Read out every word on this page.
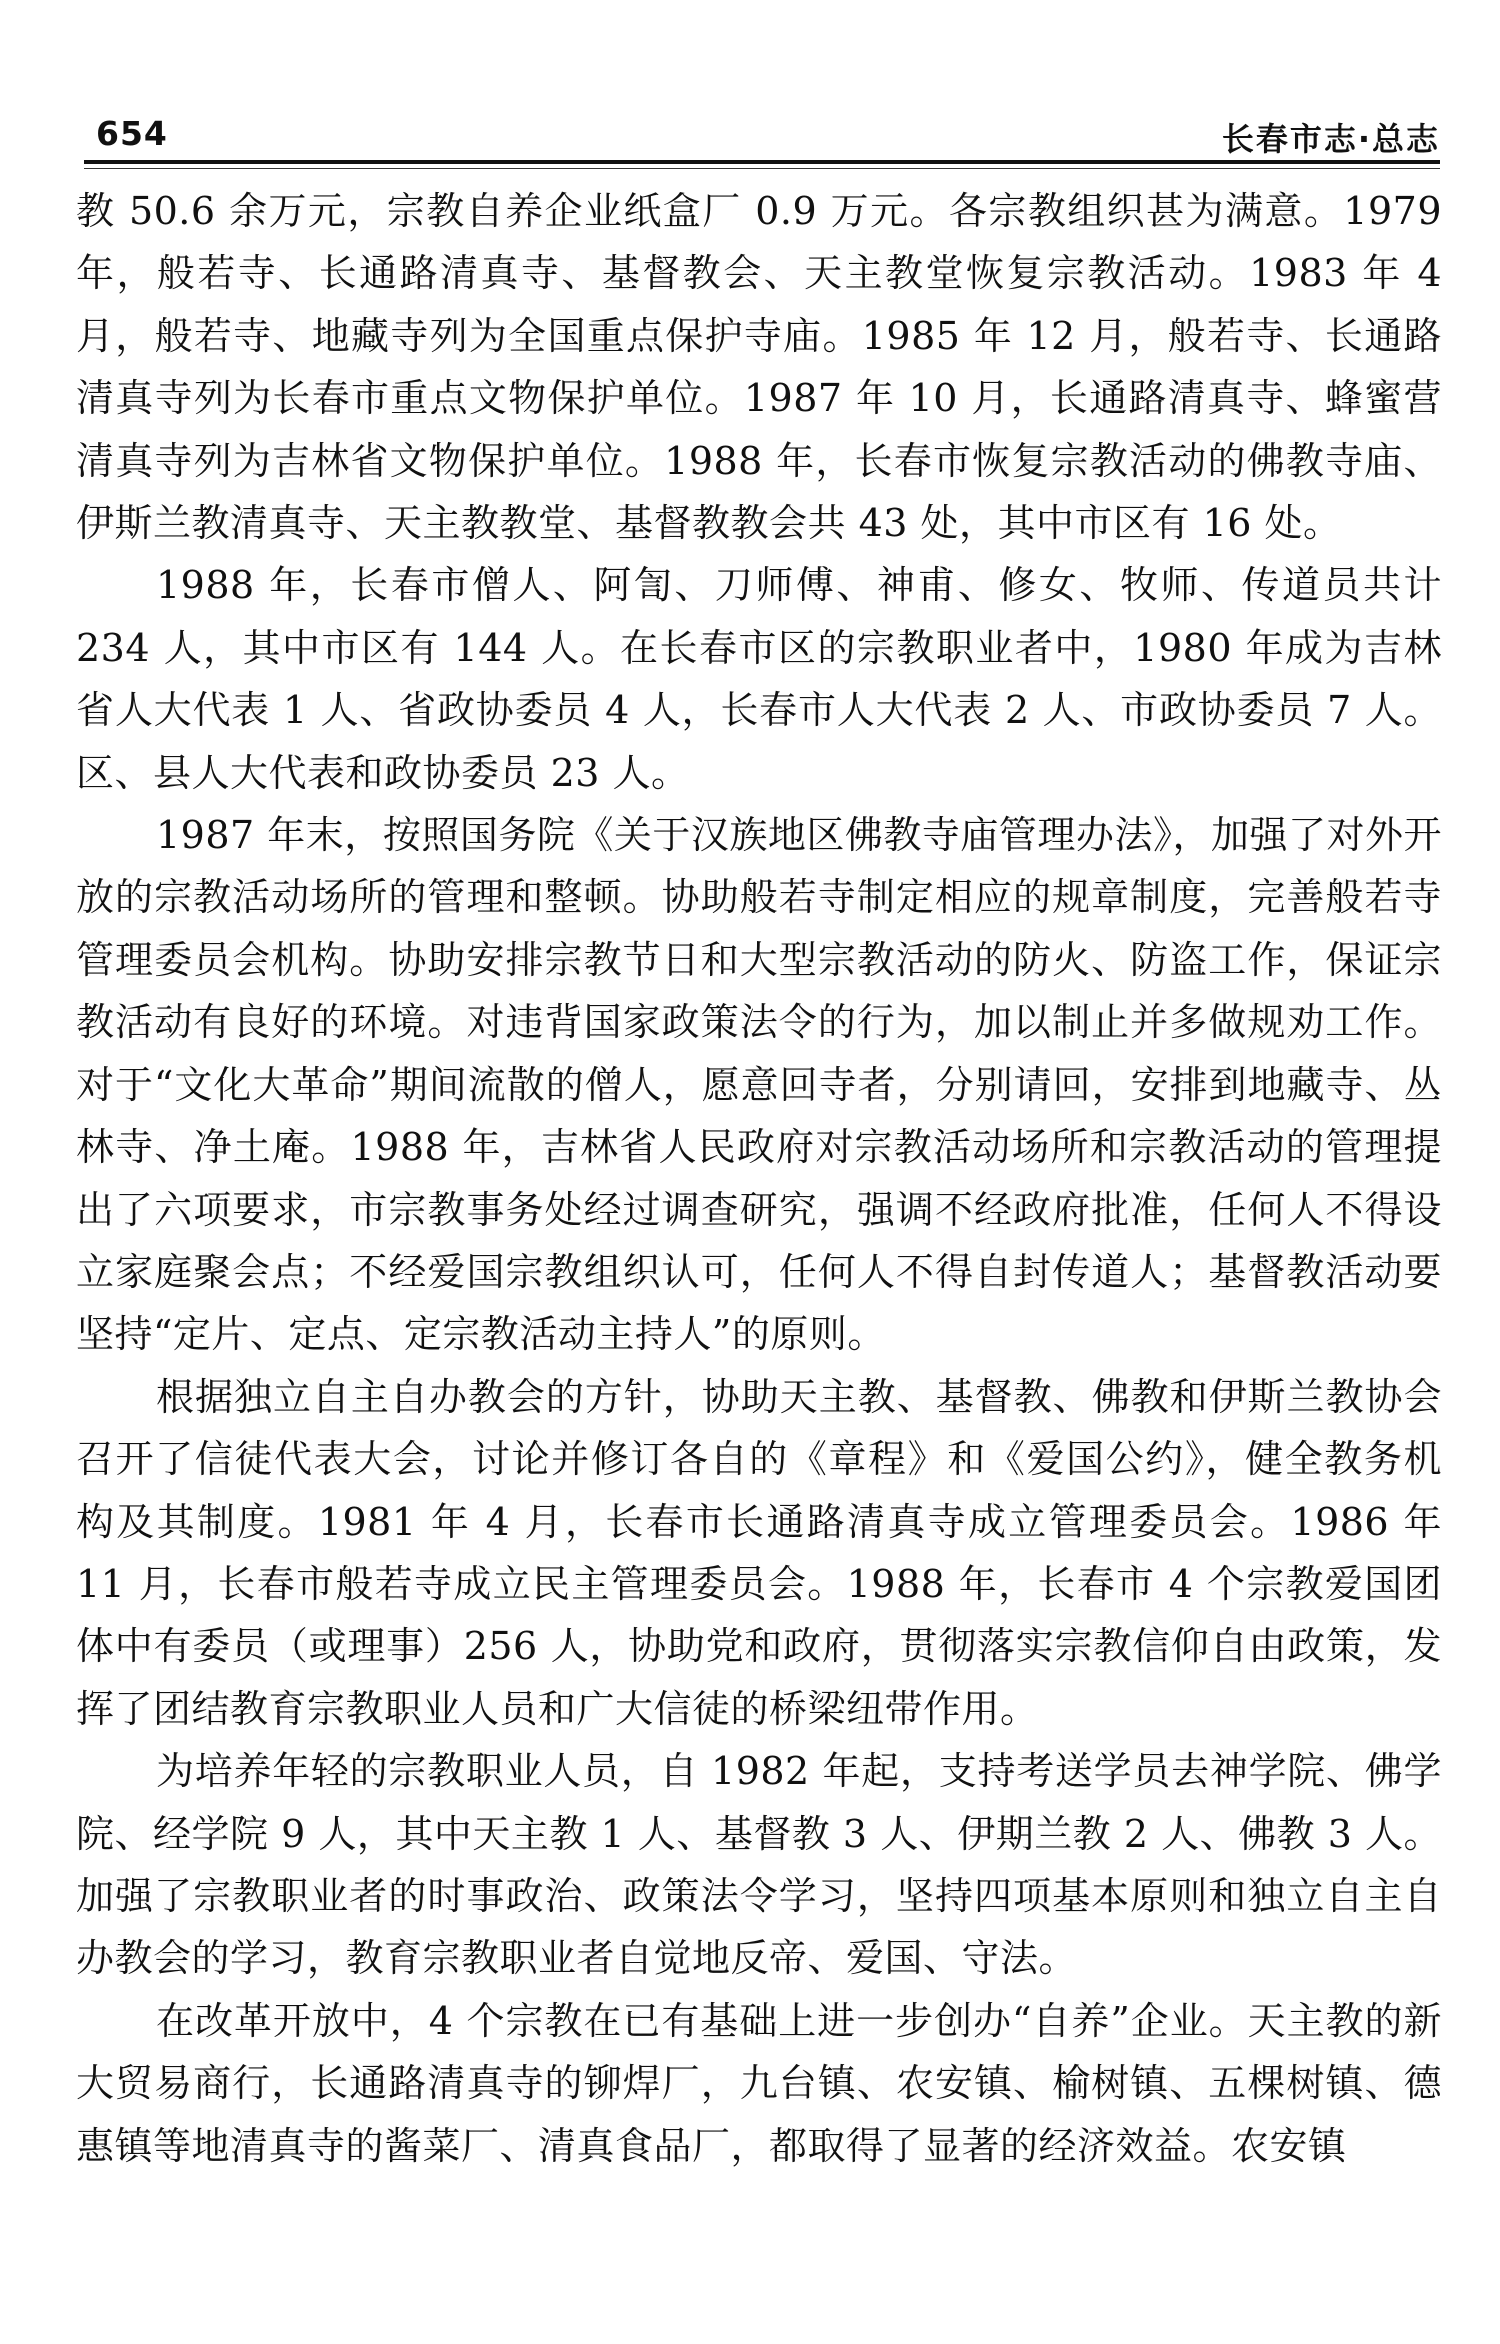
654	长春市志·总志

教 50.6 余万元，宗教自养企业纸盒厂 0.9 万元。各宗教组织甚为满意。1979 年，般若寺、长通路清真寺、基督教会、天主教堂恢复宗教活动。1983 年 4 月，般若寺、地藏寺列为全国重点保护寺庙。1985 年 12 月，般若寺、长通路清真寺列为长春市重点文物保护单位。1987 年 10 月，长通路清真寺、蜂蜜营清真寺列为吉林省文物保护单位。1988 年，长春市恢复宗教活动的佛教寺庙、伊斯兰教清真寺、天主教教堂、基督教教会共 43 处，其中市区有 16 处。

1988 年，长春市僧人、阿訇、刀师傅、神甫、修女、牧师、传道员共计 234 人，其中市区有 144 人。在长春市区的宗教职业者中，1980 年成为吉林省人大代表 1 人、省政协委员 4 人，长春市人大代表 2 人、市政协委员 7 人。区、县人大代表和政协委员 23 人。

1987 年末，按照国务院《关于汉族地区佛教寺庙管理办法》，加强了对外开放的宗教活动场所的管理和整顿。协助般若寺制定相应的规章制度，完善般若寺管理委员会机构。协助安排宗教节日和大型宗教活动的防火、防盗工作，保证宗教活动有良好的环境。对违背国家政策法令的行为，加以制止并多做规劝工作。对于“文化大革命”期间流散的僧人，愿意回寺者，分别请回，安排到地藏寺、丛林寺、净土庵。1988 年，吉林省人民政府对宗教活动场所和宗教活动的管理提出了六项要求，市宗教事务处经过调查研究，强调不经政府批准，任何人不得设立家庭聚会点；不经爱国宗教组织认可，任何人不得自封传道人；基督教活动要坚持“定片、定点、定宗教活动主持人”的原则。

根据独立自主自办教会的方针，协助天主教、基督教、佛教和伊斯兰教协会召开了信徒代表大会，讨论并修订各自的《章程》和《爱国公约》，健全教务机构及其制度。1981 年 4 月，长春市长通路清真寺成立管理委员会。1986 年 11 月，长春市般若寺成立民主管理委员会。1988 年，长春市 4 个宗教爱国团体中有委员（或理事）256 人，协助党和政府，贯彻落实宗教信仰自由政策，发挥了团结教育宗教职业人员和广大信徒的桥梁纽带作用。

为培养年轻的宗教职业人员，自 1982 年起，支持考送学员去神学院、佛学院、经学院 9 人，其中天主教 1 人、基督教 3 人、伊期兰教 2 人、佛教 3 人。加强了宗教职业者的时事政治、政策法令学习，坚持四项基本原则和独立自主自办教会的学习，教育宗教职业者自觉地反帝、爱国、守法。

在改革开放中，4 个宗教在已有基础上进一步创办“自养”企业。天主教的新大贸易商行，长通路清真寺的铆焊厂，九台镇、农安镇、榆树镇、五棵树镇、德惠镇等地清真寺的酱菜厂、清真食品厂，都取得了显著的经济效益。农安镇
